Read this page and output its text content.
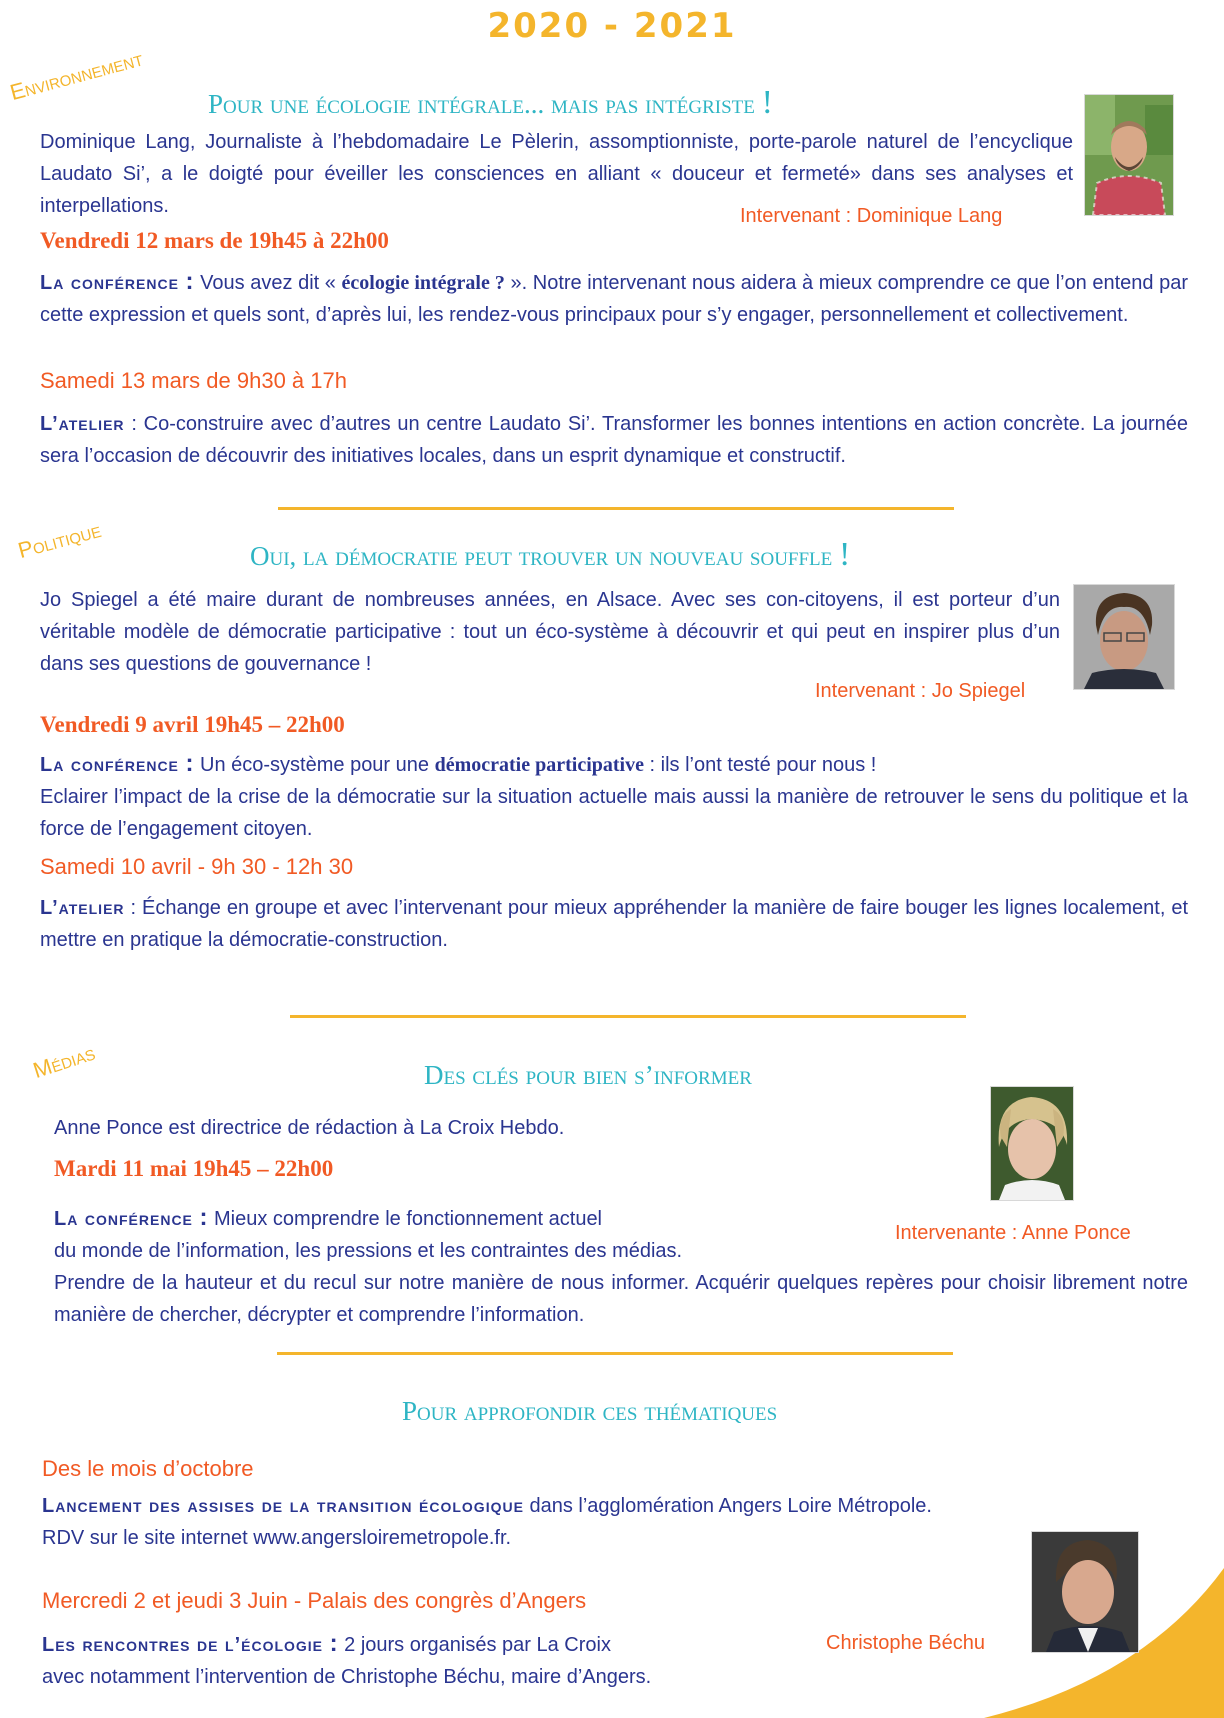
2020 - 2021
Environnement Pour une écologie intégrale... mais pas intégriste !
Dominique Lang, Journaliste à l’hebdomadaire Le Pèlerin, assomptionniste, porte-parole naturel de l’encyclique Laudato Si’, a le doigté pour éveiller les consciences en alliant « douceur et fermeté» dans ses analyses et interpellations.	Intervenant : Dominique Lang
Vendredi 12 mars de 19h45 à 22h00
La conférence : Vous avez dit « écologie intégrale ? ». Notre intervenant nous aidera à mieux comprendre ce que l’on entend par cette expression et quels sont, d’après lui, les rendez-vous principaux pour s’y engager, personnellement et collectivement.
Samedi 13 mars de 9h30 à 17h
L’atelier : Co-construire avec d’autres un centre Laudato Si’. Transformer les bonnes intentions en action concrète. La journée sera l’occasion de découvrir des initiatives locales, dans un esprit dynamique et constructif.
Politique	Oui, la démocratie peut trouver un nouveau souffle !
Jo Spiegel a été maire durant de nombreuses années, en Alsace. Avec ses con-citoyens, il est porteur d’un véritable modèle de démocratie participative : tout un éco-système à découvrir et qui peut en inspirer plus d’un dans ses questions de gouvernance !
Intervenant : Jo Spiegel
Vendredi 9 avril 19h45 – 22h00
La conférence : Un éco-système pour une démocratie participative : ils l’ont testé pour nous !
Eclairer l’impact de la crise de la démocratie sur la situation actuelle mais aussi la manière de retrouver le sens du politique et la force de l’engagement citoyen.
Samedi 10 avril - 9h 30 - 12h 30
L’atelier : Échange en groupe et avec l’intervenant pour mieux appréhender la manière de faire bouger les lignes localement, et mettre en pratique la démocratie-construction.
Médias	Des clés pour bien s’informer
Anne Ponce est directrice de rédaction à La Croix Hebdo.
Mardi 11 mai 19h45 – 22h00
Intervenante : Anne Ponce
La conférence : Mieux comprendre le fonctionnement actuel
du monde de l’information, les pressions et les contraintes des médias.
Prendre de la hauteur et du recul sur notre manière de nous informer. Acquérir quelques repères pour choisir librement notre manière de chercher, décrypter et comprendre l’information.
Pour approfondir ces thématiques
Des le mois d’octobre
Lancement des assises de la transition écologique dans l’agglomération Angers Loire Métropole.
RDV sur le site internet www.angersloiremetropole.fr.
Mercredi 2 et jeudi 3 Juin - Palais des congrès d’Angers
Les rencontres de l’écologie : 2 jours organisés par La Croix
avec notamment l’intervention de Christophe Béchu, maire d’Angers.
Christophe Béchu
